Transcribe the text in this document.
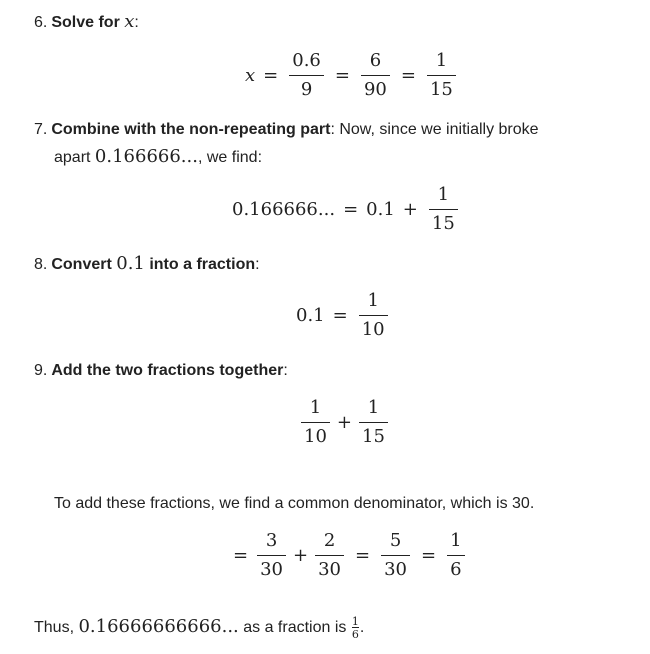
6. Solve for x:
$x = \frac{0.6}{9} = \frac{6}{90} = \frac{1}{15}$
7. Combine with the non-repeating part: Now, since we initially broke
apart 0.166666..., we find:
0.166666... = $0.1 + \frac{1}{15}$
8. Convert 0.1 into a fraction:
$0.1 = \frac{1}{10}$
9. Add the two fractions together:
$\frac{1}{10} + \frac{1}{15}$
To add these fractions, we find a common denominator, which is 30.
= $\frac{3}{30} + \frac{2}{30} = \frac{5}{30} = \frac{1}{6}$
Thus, 0.16666666666... as a fraction is $\frac{1}{6}$ .
